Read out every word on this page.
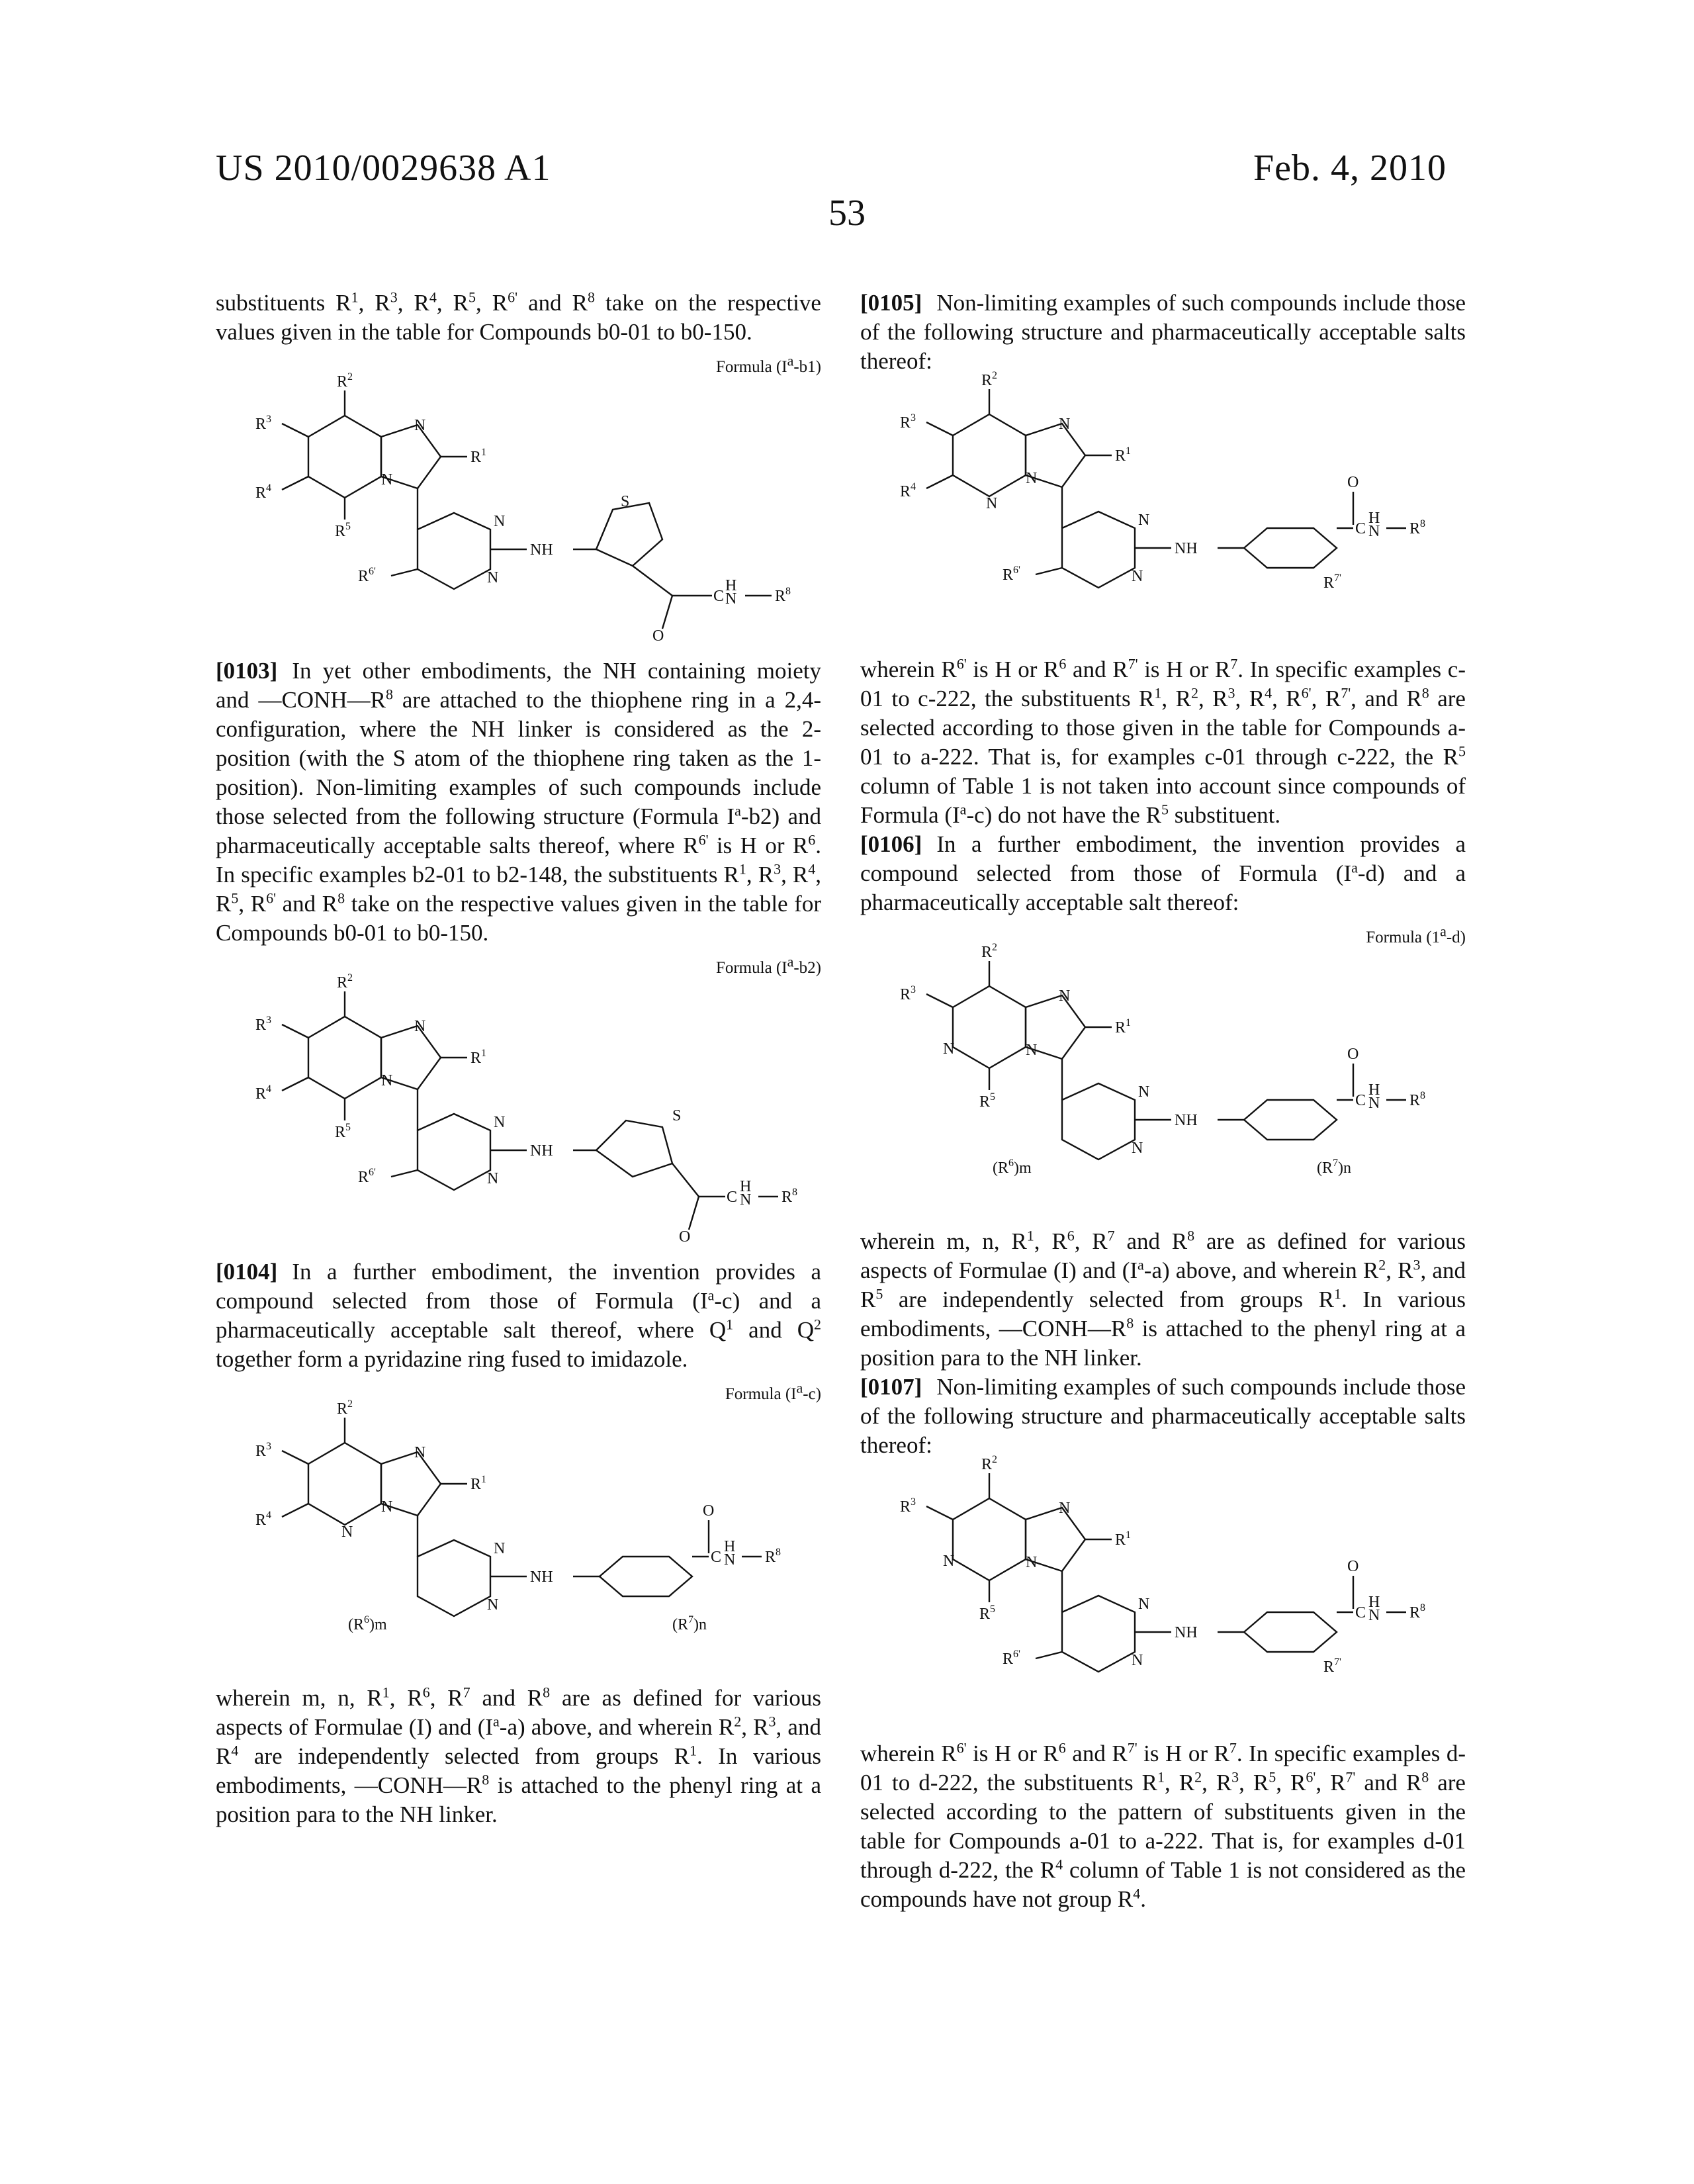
US 2010/0029638 A1	Feb. 4, 2010
53

substituents $R^1$, $R^3$, $R^4$, $R^5$, $R^{6'}$ and $R^8$ take on the respective values given in the table for Compounds b0-01 to b0-150.

Formula $(I^a-b1)$
$R^2$
$R^3$
$R^4$
$R^5$
$R^1$
$R^{6'}$
N
N
N
N
NH
S
C
H
N $R^8$
O

[0103] In yet other embodiments, the NH containing moiety and $—CONH—R^8$ are attached to the thiophene ring in a 2,4-configuration, where the NH linker is considered as the 2-position (with the S atom of the thiophene ring taken as the 1-position). Non-limiting examples of such compounds include those selected from the following structure (Formula $I^a-b2$) and pharmaceutically acceptable salts thereof, where $R^{6'}$ is H or $R^6$. In specific examples b2-01 to b2-148, the substituents $R^1$, $R^3$, $R^4$, $R^5$, $R^{6'}$ and $R^8$ take on the respective values given in the table for Compounds b0-01 to b0-150.

Formula $(I^a-b2)$
$R^2$
$R^3$
$R^4$
$R^5$
$R^1$
$R^{6'}$
N
N
N
N
NH
S
C
H
N $R^8$
O

[0104] In a further embodiment, the invention provides a compound selected from those of Formula $(I^a-c)$ and a pharmaceutically acceptable salt thereof, where $Q^1$ and $Q^2$ together form a pyridazine ring fused to imidazole.

Formula $(I^a-c)$
$R^2$
$R^3$
$R^4$
$R^1$
$(R^6)m$	$(R^7)n$
N
N
N
N
N
NH
C
H
N $R^8$
O

wherein m, n, $R^1$, $R^6$, $R^7$ and $R^8$ are as defined for various aspects of Formulae (I) and $(I^a-a)$ above, and wherein $R^2$, $R^3$, and $R^4$ are independently selected from groups $R^1$. In various embodiments, $—CONH—R^8$ is attached to the phenyl ring at a position para to the NH linker.

[0105] Non-limiting examples of such compounds include those of the following structure and pharmaceutically acceptable salts thereof:

$R^2$
$R^3$
$R^4$
$R^1$
$R^{6'}$
$R^{7'}$
N
N
N
N
N
NH
C
H
N $R^8$
O

wherein $R^{6'}$ is H or $R^6$ and $R^{7'}$ is H or $R^7$. In specific examples c-01 to c-222, the substituents $R^1$, $R^2$, $R^3$, $R^4$, $R^{6'}$, $R^{7'}$, and $R^8$ are selected according to those given in the table for Compounds a-01 to a-222. That is, for examples c-01 through c-222, the $R^5$ column of Table 1 is not taken into account since compounds of Formula $(I^a-c)$ do not have the $R^5$ substituent.

[0106] In a further embodiment, the invention provides a compound selected from those of Formula $(I^a-d)$ and a pharmaceutically acceptable salt thereof:

Formula (1$^a$-d)
$R^2$
$R^3$
$R^5$
$R^1$
$(R^6)m$	$(R^7)n$
N
N
N
N
N
NH
C
H
N $R^8$
O

wherein m, n, $R^1$, $R^6$, $R^7$ and $R^8$ are as defined for various aspects of Formulae (I) and $(I^a-a)$ above, and wherein $R^2$, $R^3$, and $R^5$ are independently selected from groups $R^1$. In various embodiments, $—CONH—R^8$ is attached to the phenyl ring at a position para to the NH linker.

[0107] Non-limiting examples of such compounds include those of the following structure and pharmaceutically acceptable salts thereof:

$R^2$
$R^3$
$R^5$
$R^1$
$R^{6'}$
$R^{7'}$
N
N
N
N
N
NH
C
H
N $R^8$
O

wherein $R^{6'}$ is H or $R^6$ and $R^{7'}$ is H or $R^7$. In specific examples d-01 to d-222, the substituents $R^1$, $R^2$, $R^3$, $R^5$, $R^{6'}$, $R^{7'}$ and $R^8$ are selected according to the pattern of substituents given in the table for Compounds a-01 to a-222. That is, for examples d-01 through d-222, the $R^4$ column of Table 1 is not considered as the compounds have not group $R^4$.
